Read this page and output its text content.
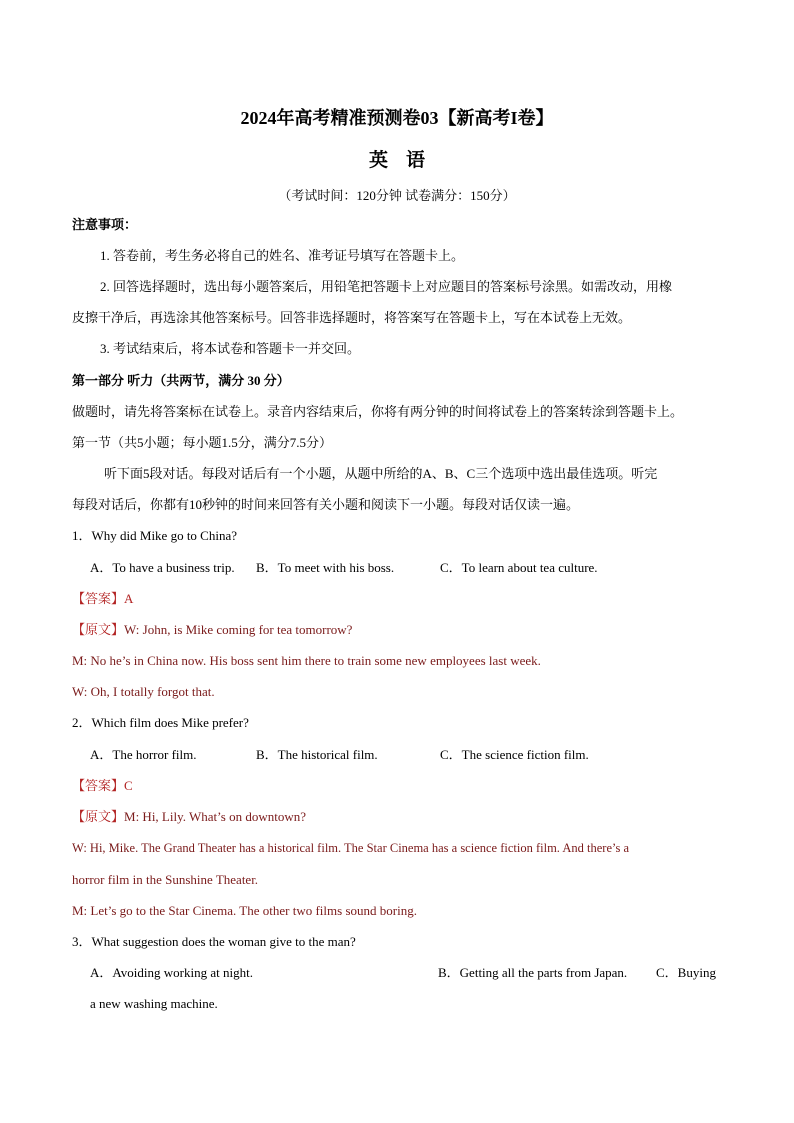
2024年高考精准预测卷03【新高考I卷】
英语
（考试时间：120分钟 试卷满分：150分）
注意事项：
1. 答卷前，考生务必将自己的姓名、准考证号填写在答题卡上。
2. 回答选择题时，选出每小题答案后，用铅笔把答题卡上对应题目的答案标号涂黑。如需改动，用橡
皮擦干净后，再选涂其他答案标号。回答非选择题时，将答案写在答题卡上，写在本试卷上无效。
3. 考试结束后，将本试卷和答题卡一并交回。
第一部分 听力（共两节，满分 30 分）
做题时，请先将答案标在试卷上。录音内容结束后，你将有两分钟的时间将试卷上的答案转涂到答题卡上。
第一节（共5小题；每小题1.5分，满分7.5分）
听下面5段对话。每段对话后有一个小题，从题中所给的A、B、C三个选项中选出最佳选项。听完
每段对话后，你都有10秒钟的时间来回答有关小题和阅读下一小题。每段对话仅读一遍。
1．Why did Mike go to China?
A．To have a business trip. B．To meet with his boss.	C．To learn about tea culture.
【答案】A
【原文】W: John, is Mike coming for tea tomorrow?
M: No he’s in China now. His boss sent him there to train some new employees last week.
W: Oh, I totally forgot that.
2．Which film does Mike prefer?
A．The horror film.	B．The historical film.	C．The science fiction film.
【答案】C
【原文】M: Hi, Lily. What’s on downtown?
W: Hi, Mike. The Grand Theater has a historical film. The Star Cinema has a science fiction film. And there’s a
horror film in the Sunshine Theater.
M: Let’s go to the Star Cinema. The other two films sound boring.
3．What suggestion does the woman give to the man?
A．Avoiding working at night.	B．Getting all the parts from Japan. C．Buying
a new washing machine.
